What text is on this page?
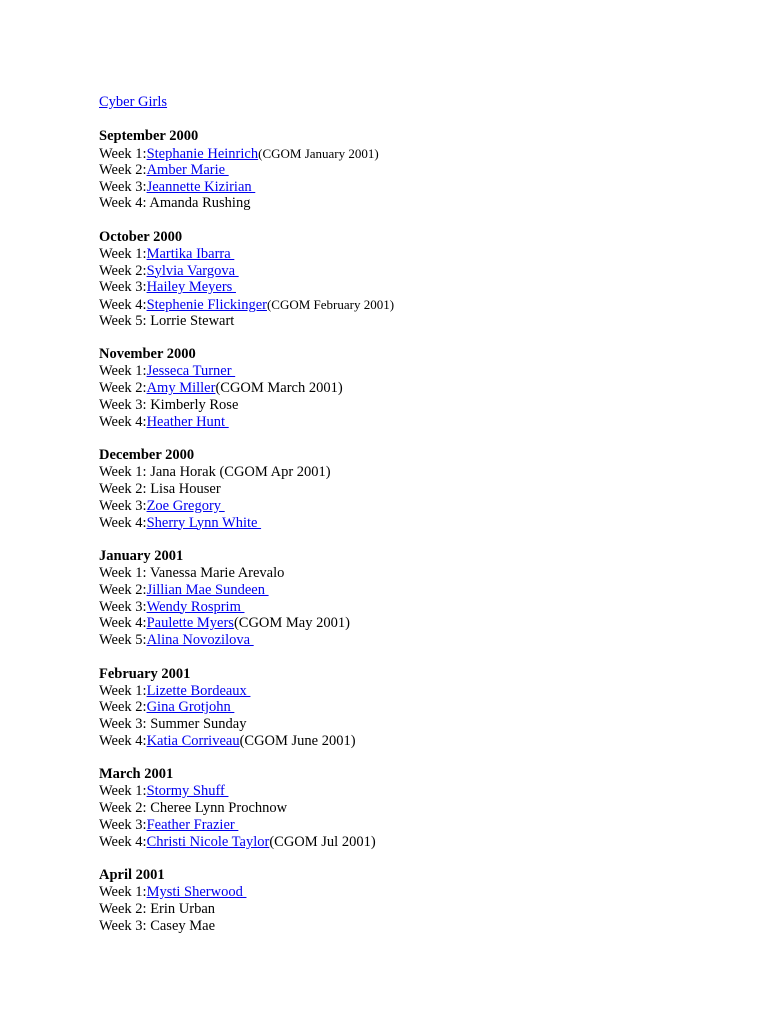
Cyber Girls
September 2000
Week 1:Stephanie Heinrich(CGOM January 2001)
Week 2:Amber Marie
Week 3:Jeannette Kizirian
Week 4: Amanda Rushing
October 2000
Week 1:Martika Ibarra
Week 2:Sylvia Vargova
Week 3:Hailey Meyers
Week 4:Stephenie Flickinger(CGOM February 2001)
Week 5: Lorrie Stewart
November 2000
Week 1:Jesseca Turner
Week 2:Amy Miller(CGOM March 2001)
Week 3: Kimberly Rose
Week 4:Heather Hunt
December 2000
Week 1: Jana Horak (CGOM Apr 2001)
Week 2: Lisa Houser
Week 3:Zoe Gregory
Week 4:Sherry Lynn White
January 2001
Week 1: Vanessa Marie Arevalo
Week 2:Jillian Mae Sundeen
Week 3:Wendy Rosprim
Week 4:Paulette Myers(CGOM May 2001)
Week 5:Alina Novozilova
February 2001
Week 1:Lizette Bordeaux
Week 2:Gina Grotjohn
Week 3: Summer Sunday
Week 4:Katia Corriveau(CGOM June 2001)
March 2001
Week 1:Stormy Shuff
Week 2: Cheree Lynn Prochnow
Week 3:Feather Frazier
Week 4:Christi Nicole Taylor(CGOM Jul 2001)
April 2001
Week 1:Mysti Sherwood
Week 2: Erin Urban
Week 3: Casey Mae
